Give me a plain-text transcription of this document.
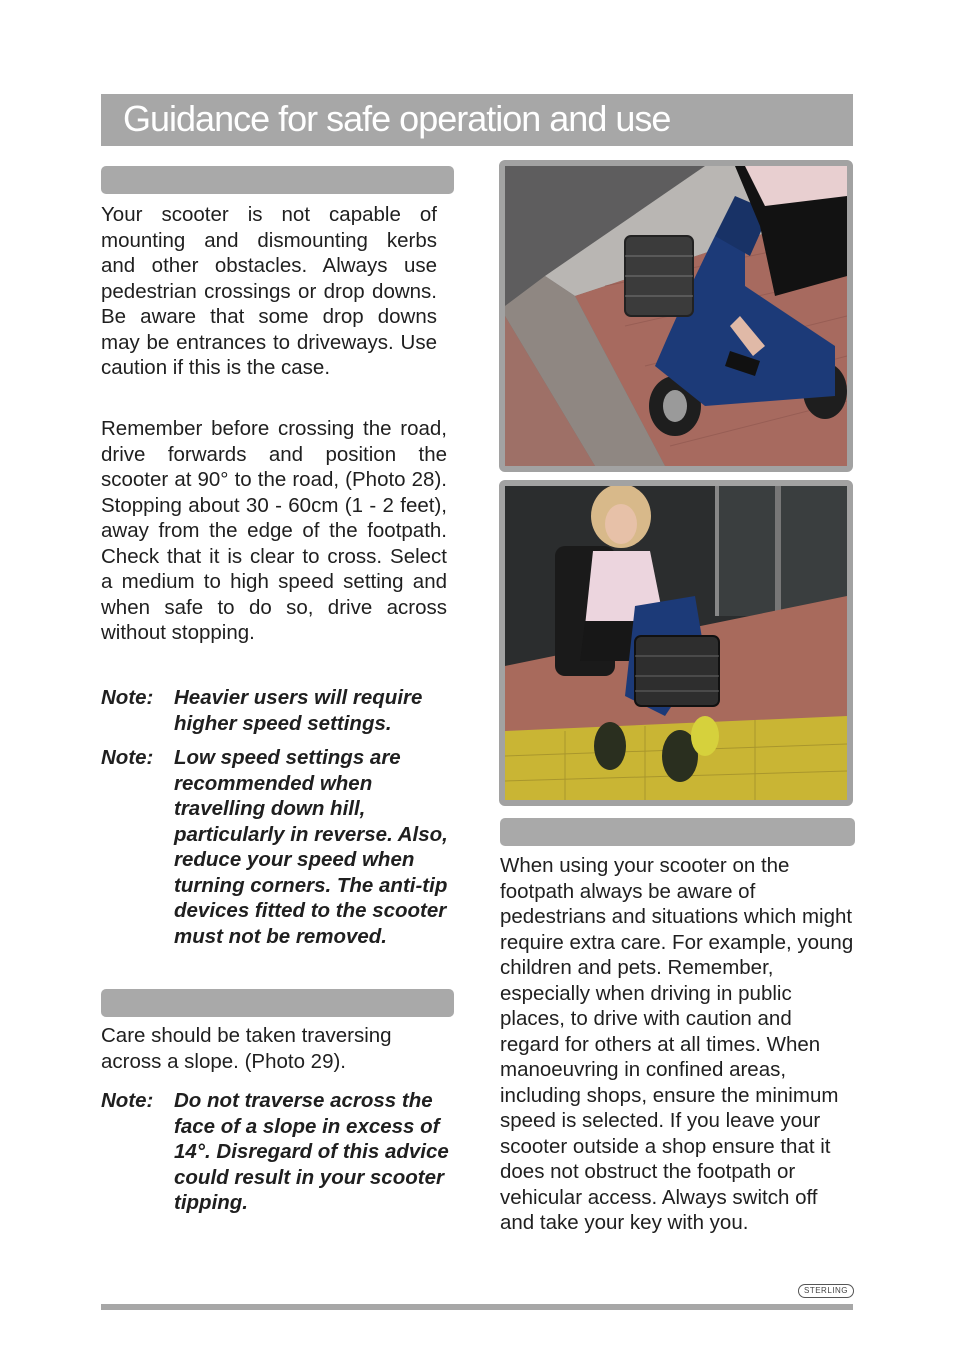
Guidance for safe operation and use

Your scooter is not capable of mounting and dismounting kerbs and other obstacles. Always use pedestrian crossings or drop downs. Be aware that some drop downs may be entrances to driveways. Use caution if this is the case.

Remember before crossing the road, drive forwards and position the scooter at 90° to the road, (Photo 28). Stopping about 30 - 60cm (1 - 2 feet), away from the edge of the footpath. Check that it is clear to cross. Select a medium to high speed setting and when safe to do so, drive across without stopping.

Note:	Heavier users will require higher speed settings.
Note:	Low speed settings are recommended when travelling down hill, particularly in reverse. Also, reduce your speed when turning corners. The anti-tip devices fitted to the scooter must not be removed.

Care should be taken traversing across a slope. (Photo 29).

Note:	Do not traverse across the face of a slope in excess of 14°. Disregard of this advice could result in your scooter tipping.

When using your scooter on the footpath always be aware of pedestrians and situations which might require extra care. For example, young children and pets. Remember, especially when driving in public places, to drive with caution and regard for others at all times. When manoeuvring in confined areas, including shops, ensure the minimum speed is selected. If you leave your scooter outside a shop ensure that it does not obstruct the footpath or vehicular access. Always switch off and take your key with you.

STERLING
